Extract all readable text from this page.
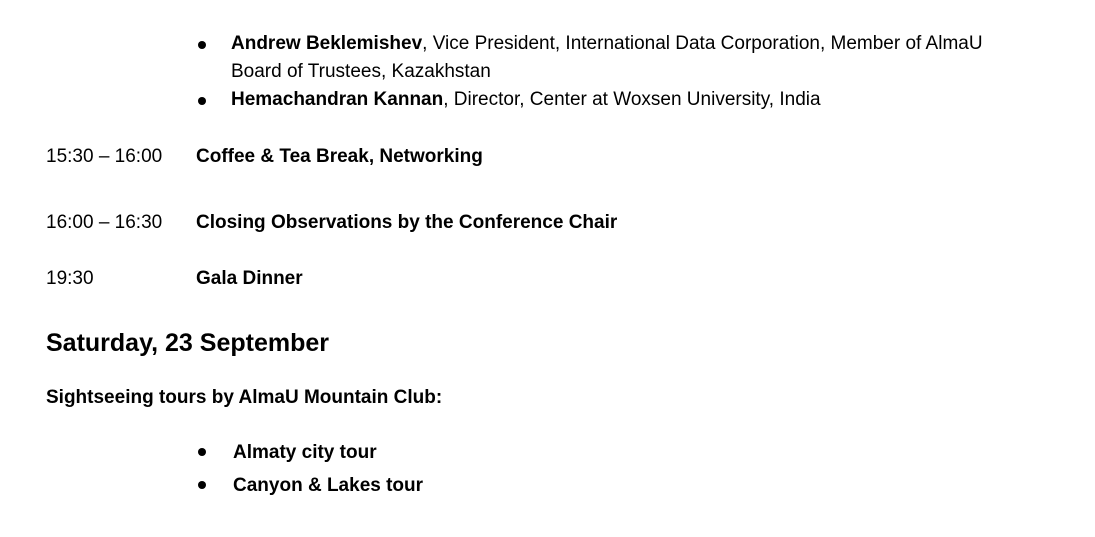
Andrew Beklemishev, Vice President, International Data Corporation, Member of AlmaU Board of Trustees, Kazakhstan
Hemachandran Kannan, Director, Center at Woxsen University, India
15:30 – 16:00 Coffee & Tea Break, Networking
16:00 – 16:30 Closing Observations by the Conference Chair
19:30	Gala Dinner
Saturday, 23 September

Sightseeing tours by AlmaU Mountain Club:

Almaty city tour
Canyon & Lakes tour
